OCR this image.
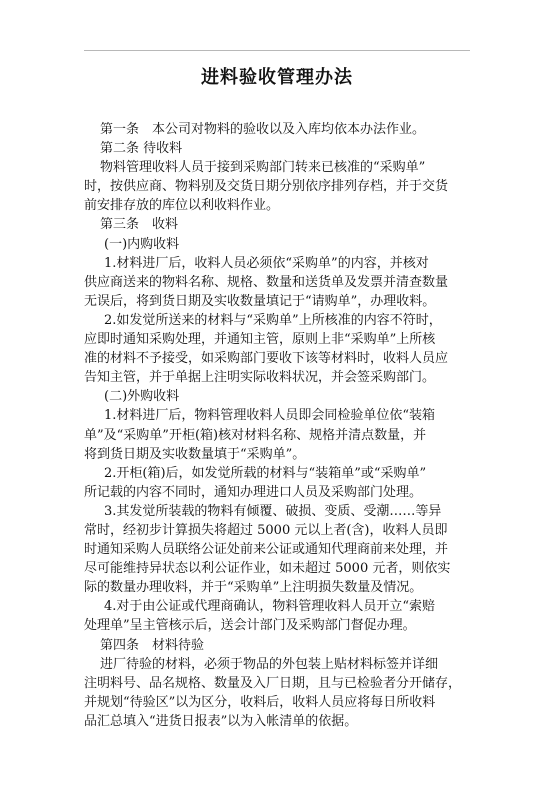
进料验收管理办法
第一条　本公司对物料的验收以及入库均依本办法作业。
第二条 待收料
物料管理收料人员于接到采购部门转来已核准的“采购单”
时，按供应商、物料别及交货日期分别依序排列存档，并于交货
前安排存放的库位以利收料作业。
第三条　收料
(一)内购收料
1.材料进厂后，收料人员必须依“采购单”的内容，并核对
供应商送来的物料名称、规格、数量和送货单及发票并清查数量
无误后，将到货日期及实收数量填记于“请购单”，办理收料。
2.如发觉所送来的材料与“采购单”上所核准的内容不符时，
应即时通知采购处理，并通知主管，原则上非“采购单”上所核
准的材料不予接受，如采购部门要收下该等材料时，收料人员应
告知主管，并于单据上注明实际收料状况，并会签采购部门。
(二)外购收料
1.材料进厂后，物料管理收料人员即会同检验单位依“装箱
单”及“采购单”开柜(箱)核对材料名称、规格并清点数量，并
将到货日期及实收数量填于“采购单”。
2.开柜(箱)后，如发觉所载的材料与“装箱单”或“采购单”
所记载的内容不同时，通知办理进口人员及采购部门处理。
3.其发觉所装载的物料有倾覆、破损、变质、受潮……等异
常时，经初步计算损失将超过 5000 元以上者(含)，收料人员即
时通知采购人员联络公证处前来公证或通知代理商前来处理，并
尽可能维持异状态以利公证作业，如未超过 5000 元者，则依实
际的数量办理收料，并于“采购单”上注明损失数量及情况。
4.对于由公证或代理商确认，物料管理收料人员开立“索赔
处理单”呈主管核示后，送会计部门及采购部门督促办理。
第四条　材料待验
进厂待验的材料，必须于物品的外包装上贴材料标签并详细
注明料号、品名规格、数量及入厂日期，且与已检验者分开储存，
并规划“待验区”以为区分，收料后，收料人员应将每日所收料
品汇总填入“进货日报表”以为入帐清单的依据。
